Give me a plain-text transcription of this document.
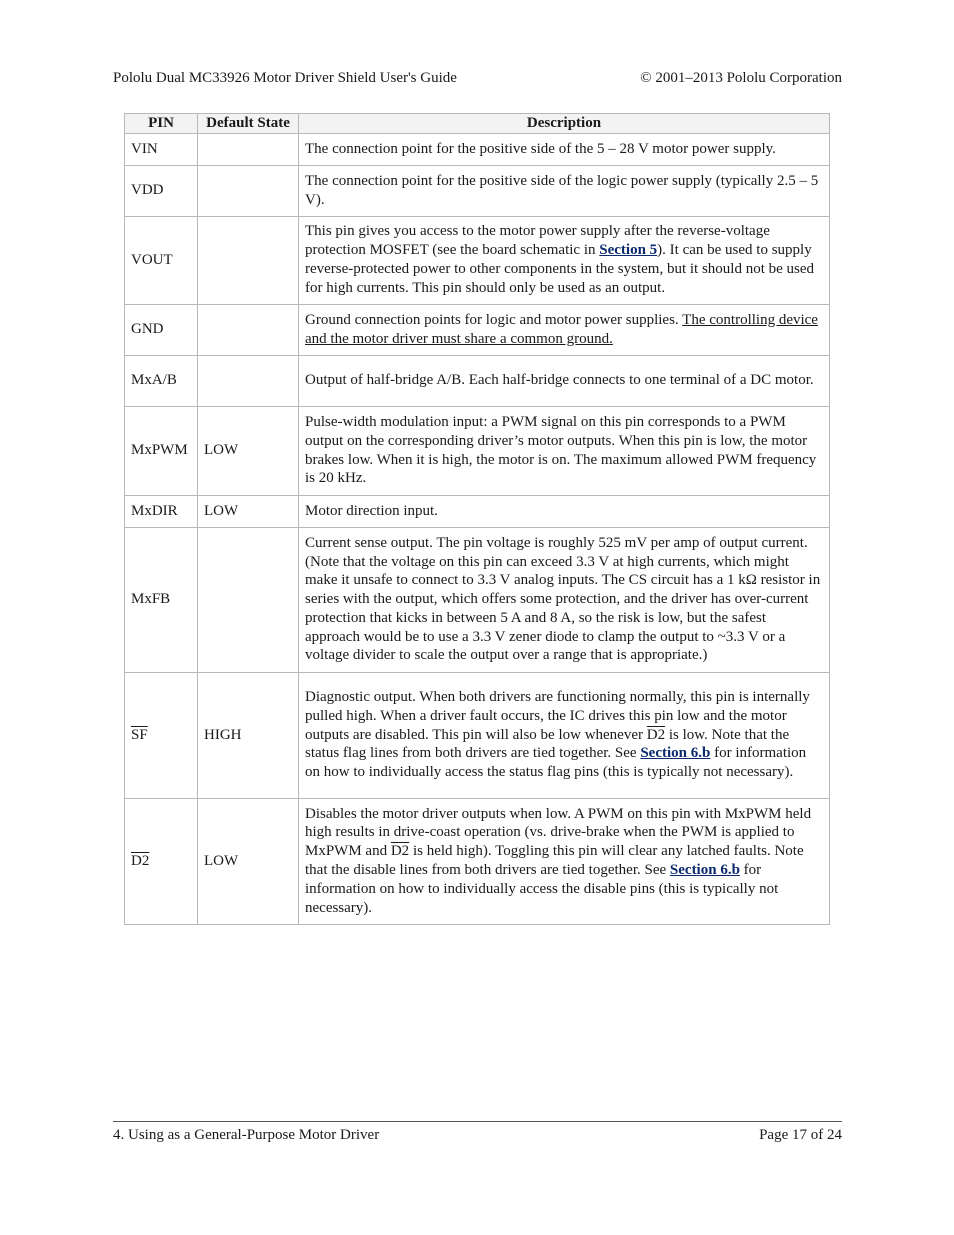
Pololu Dual MC33926 Motor Driver Shield User's Guide	© 2001–2013 Pololu Corporation
PIN	Default State	Description
VIN		The connection point for the positive side of the 5 – 28 V motor power supply.
VDD		The connection point for the positive side of the logic power supply (typically 2.5 – 5 V).
VOUT		This pin gives you access to the motor power supply after the reverse-voltage protection MOSFET (see the board schematic in Section 5). It can be used to supply reverse-protected power to other components in the system, but it should not be used for high currents. This pin should only be used as an output.
GND		Ground connection points for logic and motor power supplies. The controlling device and the motor driver must share a common ground.
MxA/B		Output of half-bridge A/B. Each half-bridge connects to one terminal of a DC motor.
MxPWM	LOW	Pulse-width modulation input: a PWM signal on this pin corresponds to a PWM output on the corresponding driver’s motor outputs. When this pin is low, the motor brakes low. When it is high, the motor is on. The maximum allowed PWM frequency is 20 kHz.
MxDIR	LOW	Motor direction input.
MxFB		Current sense output. The pin voltage is roughly 525 mV per amp of output current. (Note that the voltage on this pin can exceed 3.3 V at high currents, which might make it unsafe to connect to 3.3 V analog inputs. The CS circuit has a 1 kΩ resistor in series with the output, which offers some protection, and the driver has over-current protection that kicks in between 5 A and 8 A, so the risk is low, but the safest approach would be to use a 3.3 V zener diode to clamp the output to ~3.3 V or a voltage divider to scale the output over a range that is appropriate.)
$\overline{SF}$	HIGH	Diagnostic output. When both drivers are functioning normally, this pin is internally pulled high. When a driver fault occurs, the IC drives this pin low and the motor outputs are disabled. This pin will also be low whenever D2 is low. Note that the status flag lines from both drivers are tied together. See Section 6.b for information on how to individually access the status flag pins (this is typically not necessary).
D2	LOW	Disables the motor driver outputs when low. A PWM on this pin with MxPWM held high results in drive-coast operation (vs. drive-brake when the PWM is applied to MxPWM and D2 is held high). Toggling this pin will clear any latched faults. Note that the disable lines from both drivers are tied together. See Section 6.b for information on how to individually access the disable pins (this is typically not necessary).
4. Using as a General-Purpose Motor Driver	Page 17 of 24
